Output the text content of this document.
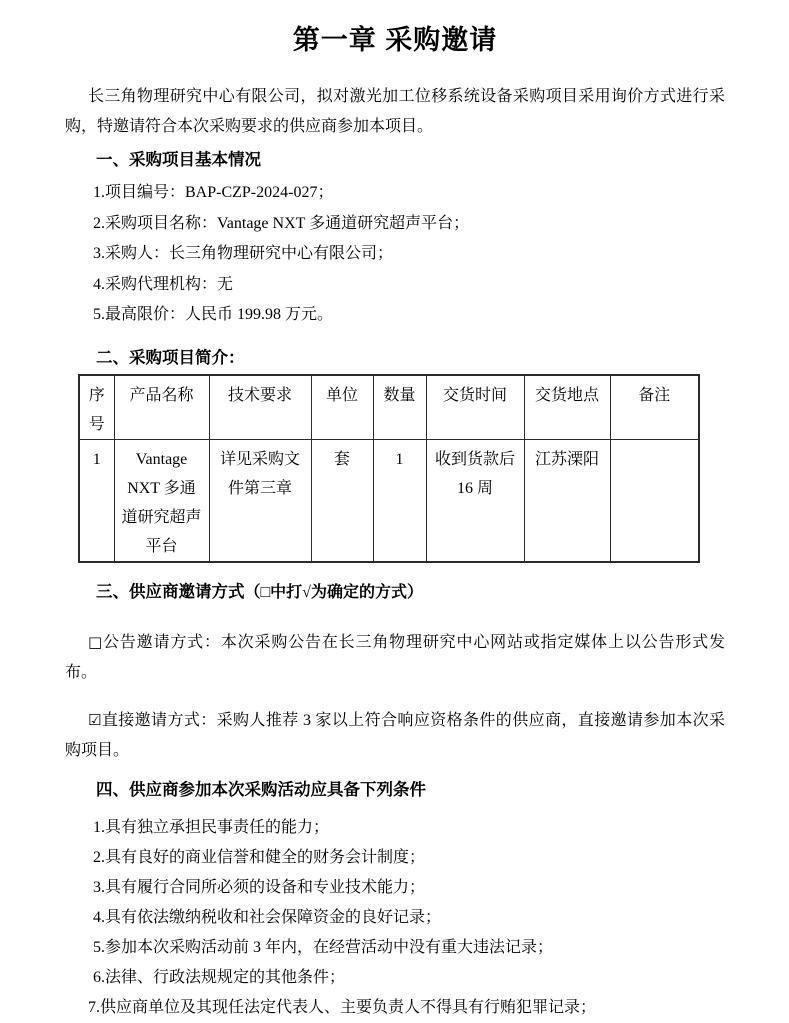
第一章 采购邀请

长三角物理研究中心有限公司，拟对激光加工位移系统设备采购项目采用询价方式进行采购，特邀请符合本次采购要求的供应商参加本项目。

一、采购项目基本情况
1.项目编号：BAP-CZP-2024-027；
2.采购项目名称：Vantage NXT 多通道研究超声平台；
3.采购人：长三角物理研究中心有限公司；
4.采购代理机构：无
5.最高限价：人民币 199.98 万元。
二、采购项目简介：
序号	产品名称	技术要求	单位	数量	交货时间	交货地点	备注
1	Vantage NXT 多通道研究超声平台	详见采购文件第三章	套	1	收到货款后 16 周	江苏溧阳	
三、供应商邀请方式（□中打√为确定的方式）

□公告邀请方式：本次采购公告在长三角物理研究中心网站或指定媒体上以公告形式发布。

☑直接邀请方式：采购人推荐 3 家以上符合响应资格条件的供应商，直接邀请参加本次采购项目。

四、供应商参加本次采购活动应具备下列条件
1.具有独立承担民事责任的能力；
2.具有良好的商业信誉和健全的财务会计制度；
3.具有履行合同所必须的设备和专业技术能力；
4.具有依法缴纳税收和社会保障资金的良好记录；
5.参加本次采购活动前 3 年内，在经营活动中没有重大违法记录；
6.法律、行政法规规定的其他条件；
7.供应商单位及其现任法定代表人、主要负责人不得具有行贿犯罪记录；
